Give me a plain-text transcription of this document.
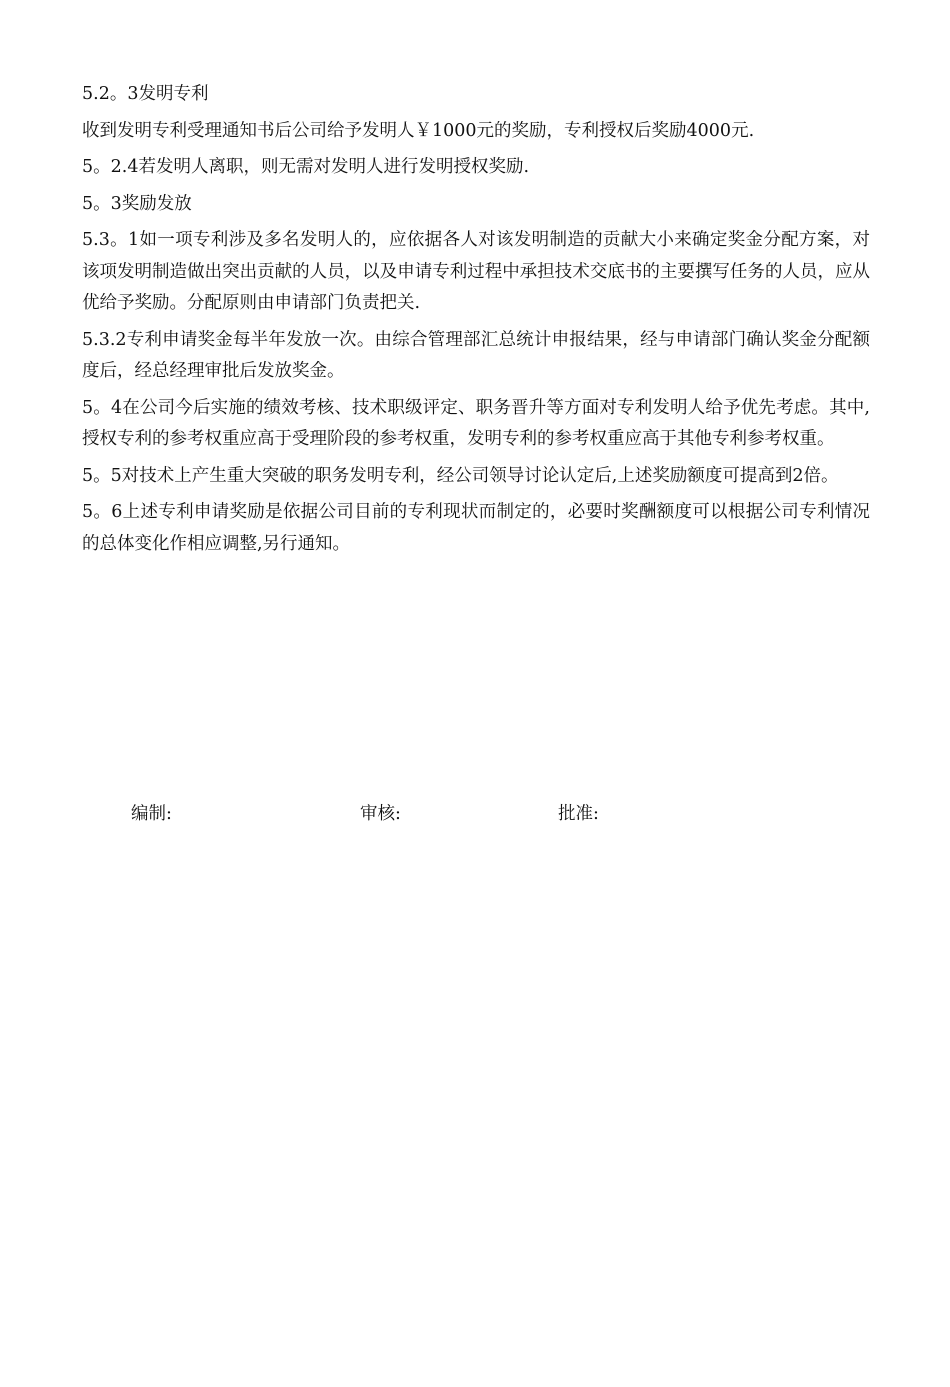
5.2。3发明专利

收到发明专利受理通知书后公司给予发明人￥1000元的奖励，专利授权后奖励4000元.

5。2.4若发明人离职，则无需对发明人进行发明授权奖励.

5。3奖励发放

5.3。1如一项专利涉及多名发明人的，应依据各人对该发明制造的贡献大小来确定奖金分配方案，对该项发明制造做出突出贡献的人员，以及申请专利过程中承担技术交底书的主要撰写任务的人员，应从优给予奖励。分配原则由申请部门负责把关.

5.3.2专利申请奖金每半年发放一次。由综合管理部汇总统计申报结果，经与申请部门确认奖金分配额度后，经总经理审批后发放奖金。

5。4在公司今后实施的绩效考核、技术职级评定、职务晋升等方面对专利发明人给予优先考虑。其中,授权专利的参考权重应高于受理阶段的参考权重，发明专利的参考权重应高于其他专利参考权重。

5。5对技术上产生重大突破的职务发明专利，经公司领导讨论认定后,上述奖励额度可提高到2倍。

5。6上述专利申请奖励是依据公司目前的专利现状而制定的，必要时奖酬额度可以根据公司专利情况的总体变化作相应调整,另行通知。

编制:	审核:	批准:
